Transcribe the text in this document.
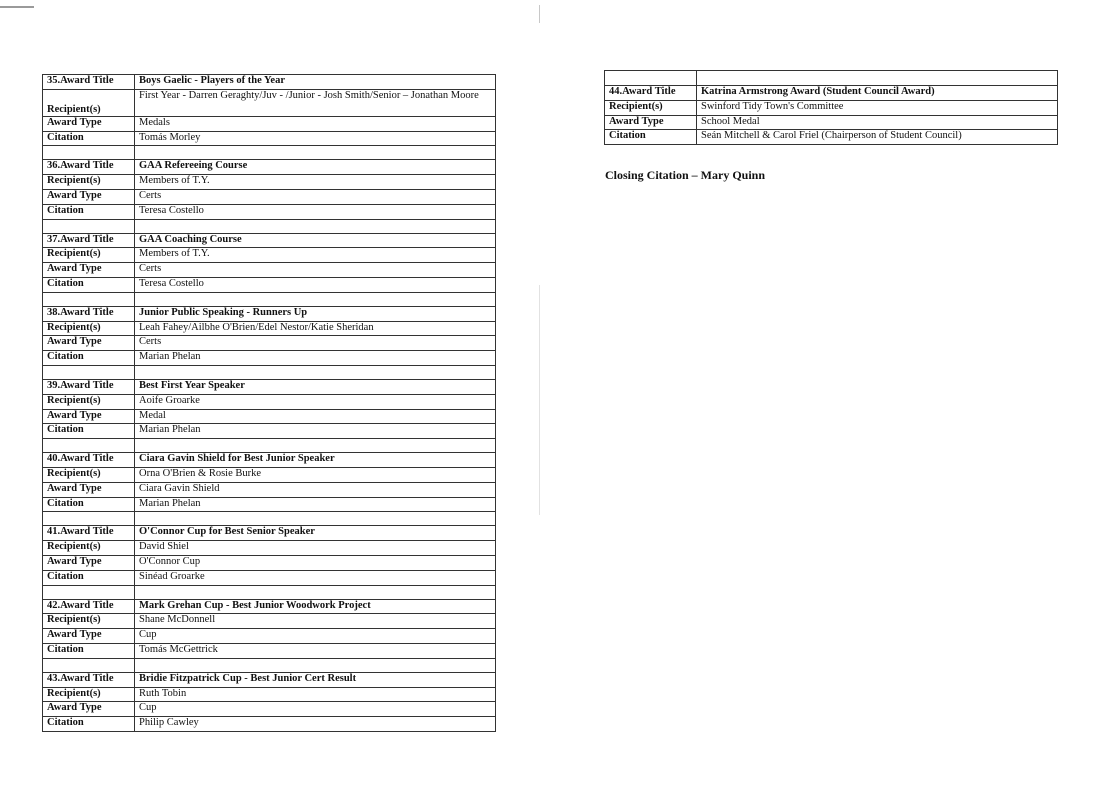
35.Award Title	Boys Gaelic - Players of the Year
Recipient(s)	First Year - Darren Geraghty/Juv - /Junior - Josh Smith/Senior – Jonathan Moore
Award Type	Medals
Citation	Tomás Morley

36.Award Title	GAA Refereeing Course
Recipient(s)	Members of T.Y.
Award Type	Certs
Citation	Teresa Costello

37.Award Title	GAA Coaching Course
Recipient(s)	Members of T.Y.
Award Type	Certs
Citation	Teresa Costello

38.Award Title	Junior Public Speaking - Runners Up
Recipient(s)	Leah Fahey/Ailbhe O'Brien/Edel Nestor/Katie Sheridan
Award Type	Certs
Citation	Marian Phelan

39.Award Title	Best First Year Speaker
Recipient(s)	Aoife Groarke
Award Type	Medal
Citation	Marian Phelan

40.Award Title	Ciara Gavin Shield for Best Junior Speaker
Recipient(s)	Orna O'Brien & Rosie Burke
Award Type	Ciara Gavin Shield
Citation	Marian Phelan

41.Award Title	O'Connor Cup for Best Senior Speaker
Recipient(s)	David Shiel
Award Type	O'Connor Cup
Citation	Sinéad Groarke

42.Award Title	Mark Grehan Cup - Best Junior Woodwork Project
Recipient(s)	Shane McDonnell
Award Type	Cup
Citation	Tomás McGettrick

43.Award Title	Bridie Fitzpatrick Cup - Best Junior Cert Result
Recipient(s)	Ruth Tobin
Award Type	Cup
Citation	Philip Cawley

44.Award Title	Katrina Armstrong Award (Student Council Award)
Recipient(s)	Swinford Tidy Town's Committee
Award Type	School Medal
Citation	Seán Mitchell & Carol Friel (Chairperson of Student Council)
Closing Citation – Mary Quinn
